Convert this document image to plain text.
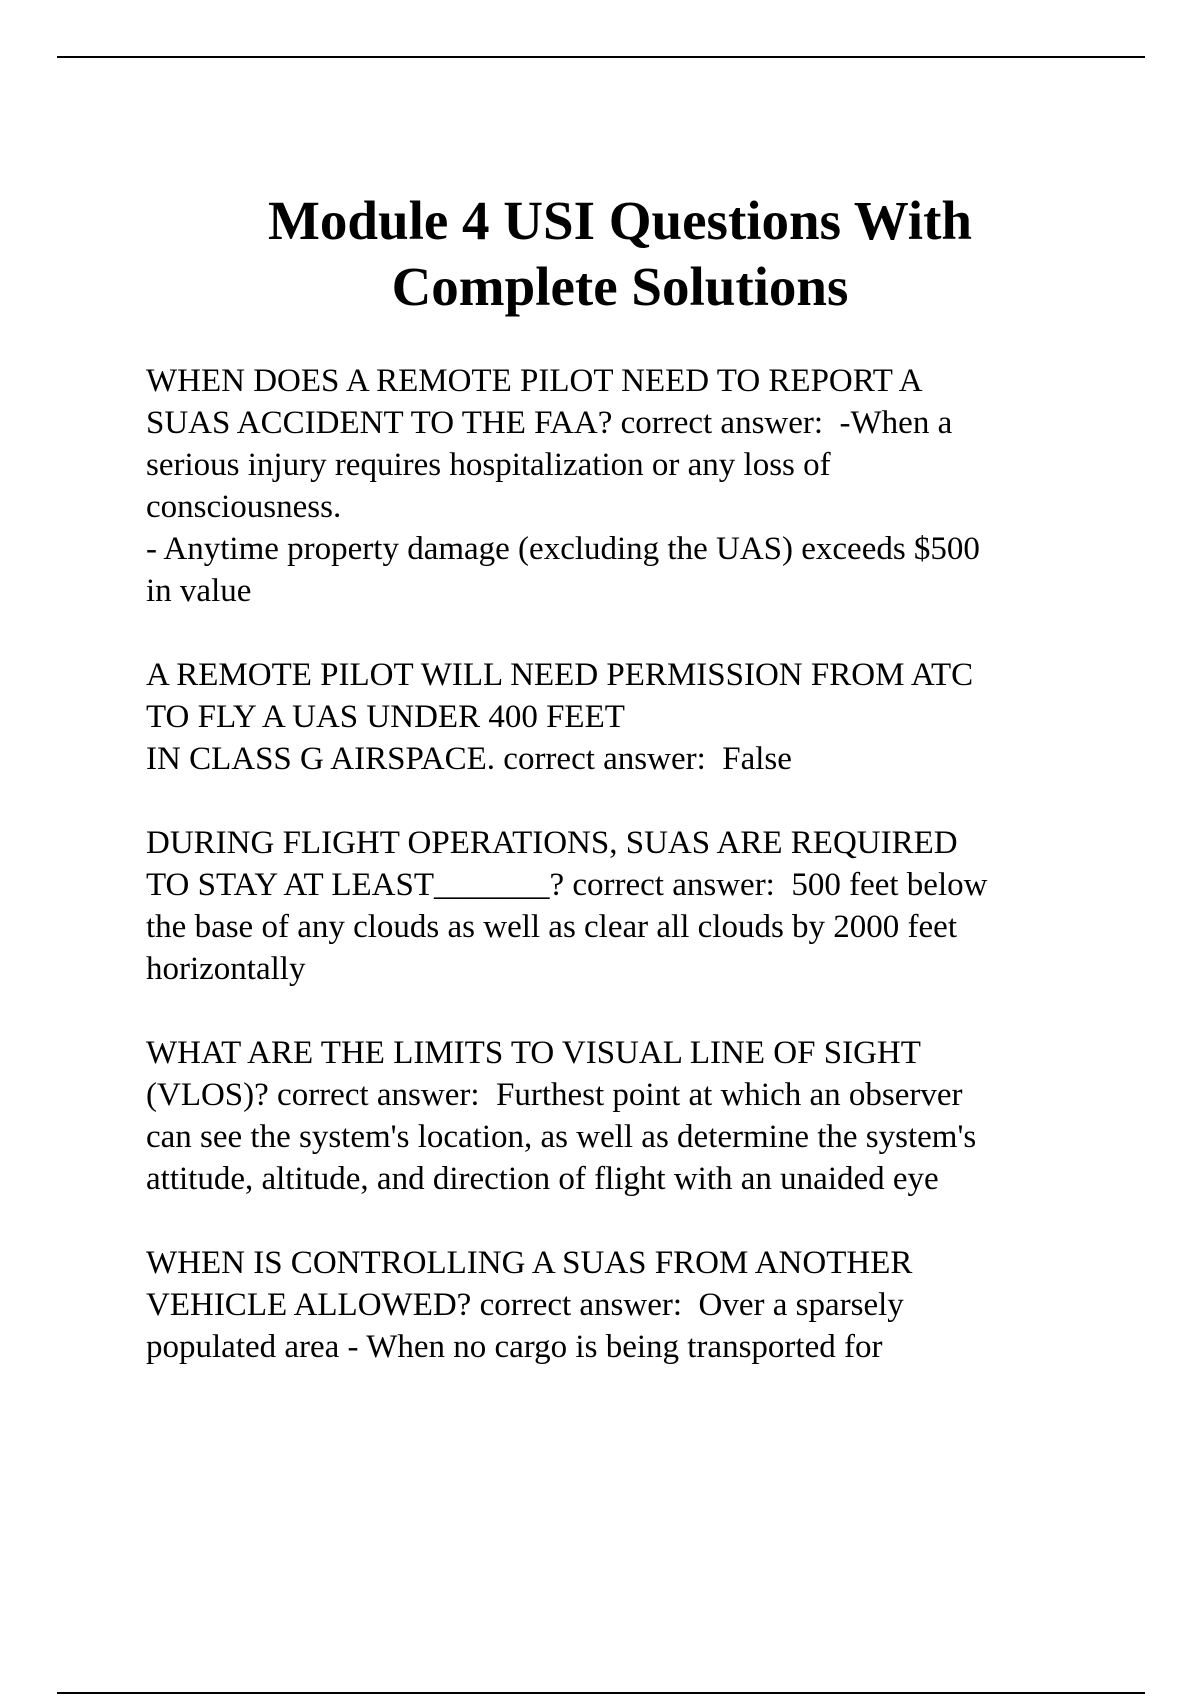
Module 4 USI Questions With
Complete Solutions
WHEN DOES A REMOTE PILOT NEED TO REPORT A
SUAS ACCIDENT TO THE FAA? correct answer:  -When a
serious injury requires hospitalization or any loss of
consciousness.
- Anytime property damage (excluding the UAS) exceeds $500
in value
A REMOTE PILOT WILL NEED PERMISSION FROM ATC
TO FLY A UAS UNDER 400 FEET
IN CLASS G AIRSPACE. correct answer:  False
DURING FLIGHT OPERATIONS, SUAS ARE REQUIRED
TO STAY AT LEAST_______? correct answer:  500 feet below
the base of any clouds as well as clear all clouds by 2000 feet
horizontally
WHAT ARE THE LIMITS TO VISUAL LINE OF SIGHT
(VLOS)? correct answer:  Furthest point at which an observer
can see the system's location, as well as determine the system's
attitude, altitude, and direction of flight with an unaided eye
WHEN IS CONTROLLING A SUAS FROM ANOTHER
VEHICLE ALLOWED? correct answer:  Over a sparsely
populated area - When no cargo is being transported for
